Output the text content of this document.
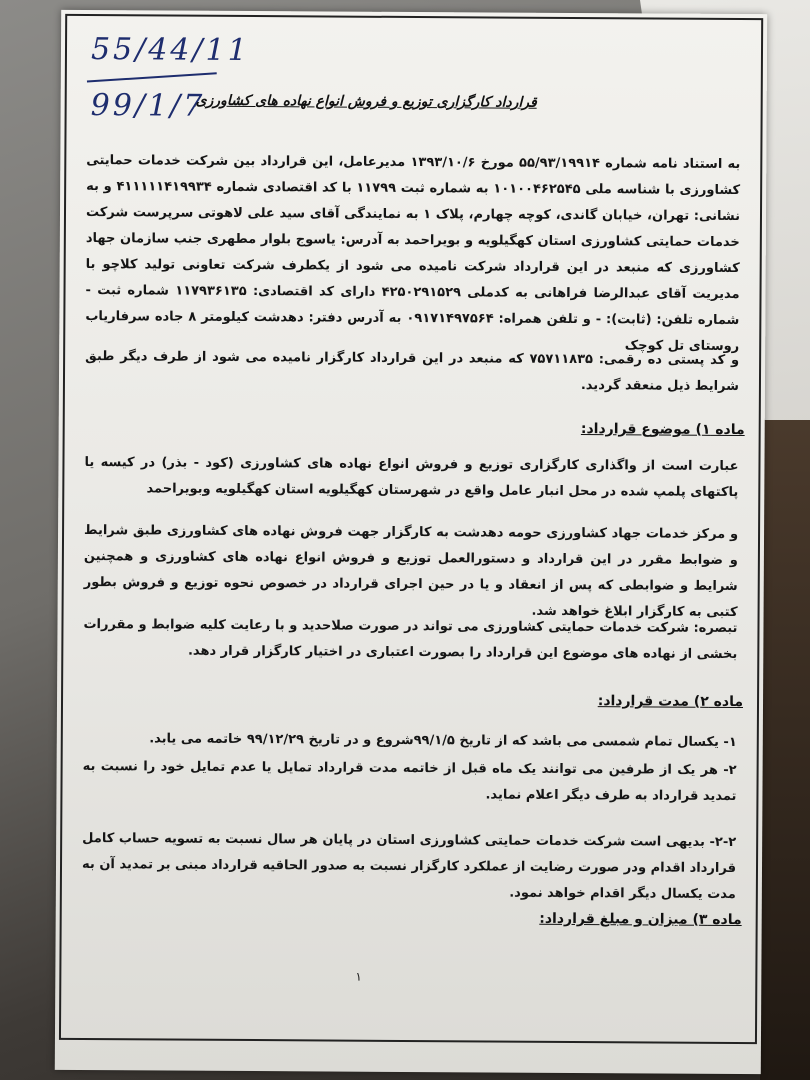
55/44/11
99/1/7
قرارداد کارگزاری توزیع و فروش انواع نهاده های کشاورزی
به استناد نامه شماره ۵۵/۹۳/۱۹۹۱۴ مورخ ۱۳۹۳/۱۰/۶ مدیرعامل، این قرارداد بین شرکت خدمات حمایتی کشاورزی با شناسه ملی ۱۰۱۰۰۴۶۲۵۴۵ به شماره ثبت ۱۱۷۹۹ با کد اقتصادی شماره ۴۱۱۱۱۱۴۱۹۹۳۴ و به نشانی: تهران، خیابان گاندی، کوچه چهارم، پلاک ۱ به نمایندگی آقای سید علی لاهوتی سرپرست شرکت خدمات حمایتی کشاورزی استان کهگیلویه و بویراحمد به آدرس: یاسوج بلوار مطهری جنب سازمان جهاد کشاورزی که منبعد در این قرارداد شرکت نامیده می شود از یکطرف شرکت تعاونی تولید کلاچو با مدیریت آقای عبدالرضا فراهانی به کدملی ۴۲۵۰۲۹۱۵۲۹ دارای کد اقتصادی: ۱۱۷۹۳۶۱۳۵ شماره ثبت - شماره تلفن: (ثابت): - و تلفن همراه: ۰۹۱۷۱۴۹۷۵۶۴ به آدرس دفتر: دهدشت کیلومتر ۸ جاده سرفاریاب روستای تل کوچک
و کد پستی ده رقمی: ۷۵۷۱۱۸۳۵ که منبعد در این قرارداد کارگزار نامیده می شود از طرف دیگر طبق شرایط ذیل منعقد گردید.
ماده ۱) موضوع قرارداد:
عبارت است از واگذاری کارگزاری توزیع و فروش انواع نهاده های کشاورزی (کود - بذر) در کیسه یا پاکتهای پلمپ شده در محل انبار عامل واقع در شهرستان کهگیلویه استان کهگیلویه وبویراحمد
و مرکز خدمات جهاد کشاورزی حومه دهدشت به کارگزار جهت فروش نهاده های کشاورزی طبق شرایط و ضوابط مقرر در این قرارداد و دستورالعمل توزیع و فروش انواع نهاده های کشاورزی و همچنین شرایط و ضوابطی که پس از انعقاد و یا در حین اجرای قرارداد در خصوص نحوه توزیع و فروش بطور کتبی به کارگزار ابلاغ خواهد شد.
تبصره: شرکت خدمات حمایتی کشاورزی می تواند در صورت صلاحدید و با رعایت کلیه ضوابط و مقررات بخشی از نهاده های موضوع این قرارداد را بصورت اعتباری در اختیار کارگزار قرار دهد.
ماده ۲) مدت قرارداد:
۱- یکسال تمام شمسی می باشد که از تاریخ ۹۹/۱/۵شروع و در تاریخ ۹۹/۱۲/۲۹ خاتمه می یابد.
۲- هر یک از طرفین می توانند یک ماه قبل از خاتمه مدت قرارداد تمایل یا عدم تمایل خود را نسبت به تمدید قرارداد به طرف دیگر اعلام نماید.
۲-۲- بدیهی است شرکت خدمات حمایتی کشاورزی استان در پایان هر سال نسبت به تسویه حساب کامل قرارداد اقدام ودر صورت رضایت از عملکرد کارگزار نسبت به صدور الحاقیه قرارداد مبنی بر تمدید آن به مدت یکسال دیگر اقدام خواهد نمود.
ماده ۳) میزان و مبلغ قرارداد:
۱
